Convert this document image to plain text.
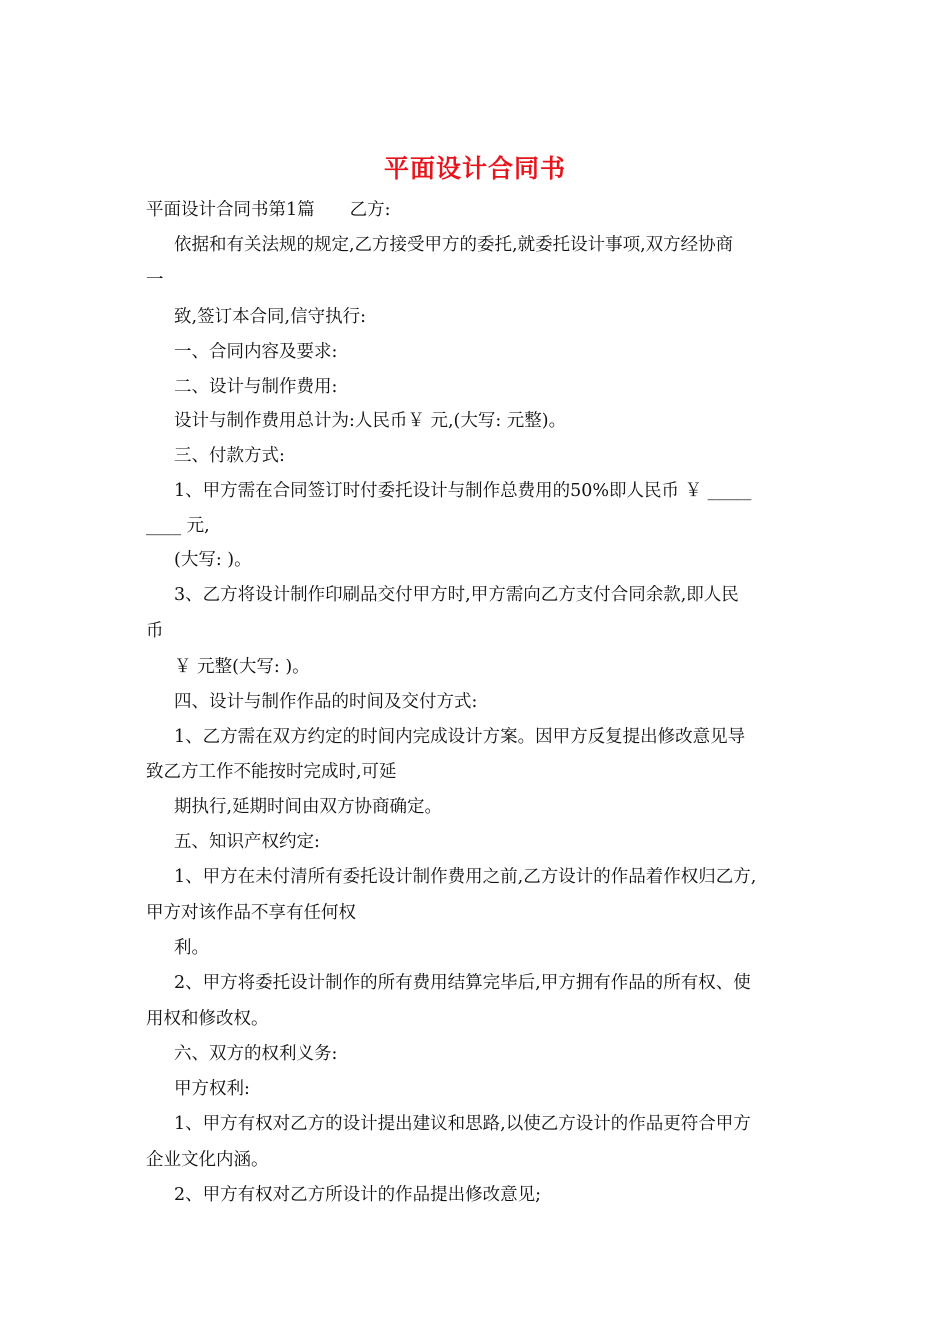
平面设计合同书
平面设计合同书第1篇　　乙方:
依据和有关法规的规定,乙方接受甲方的委托,就委托设计事项,双方经协商
一
致,签订本合同,信守执行:
一、合同内容及要求:
二、设计与制作费用:
设计与制作费用总计为:人民币￥ 元,(大写: 元整)。
三、付款方式:
1、甲方需在合同签订时付委托设计与制作总费用的50%即人民币 ￥ _____
____ 元,
(大写: )。
3、乙方将设计制作印刷品交付甲方时,甲方需向乙方支付合同余款,即人民
币
￥ 元整(大写: )。
四、设计与制作作品的时间及交付方式:
1、乙方需在双方约定的时间内完成设计方案。因甲方反复提出修改意见导
致乙方工作不能按时完成时,可延
期执行,延期时间由双方协商确定。
五、知识产权约定:
1、甲方在未付清所有委托设计制作费用之前,乙方设计的作品着作权归乙方,
甲方对该作品不享有任何权
利。
2、甲方将委托设计制作的所有费用结算完毕后,甲方拥有作品的所有权、使
用权和修改权。
六、双方的权利义务:
甲方权利:
1、甲方有权对乙方的设计提出建议和思路,以使乙方设计的作品更符合甲方
企业文化内涵。
2、甲方有权对乙方所设计的作品提出修改意见;
